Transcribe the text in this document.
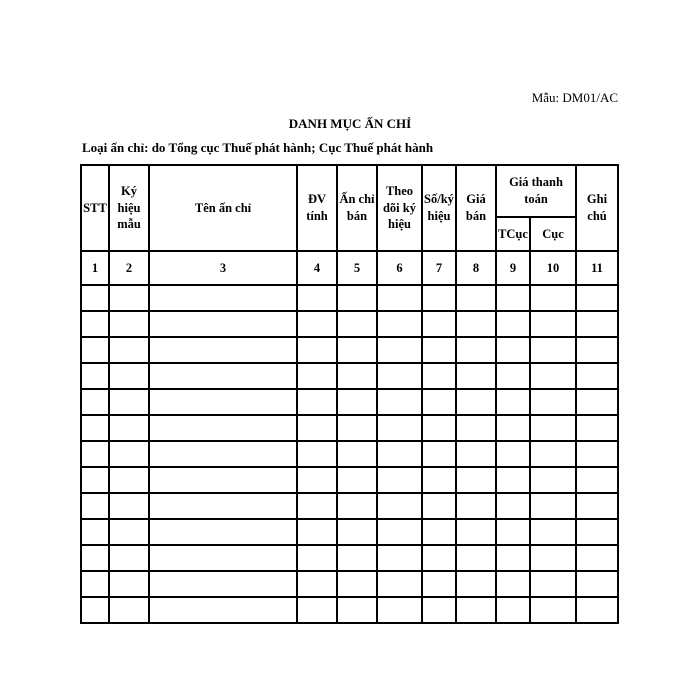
Mẫu: DM01/AC
DANH MỤC ẤN CHỈ
Loại ấn chỉ: do Tổng cục Thuế phát hành; Cục Thuế phát hành
STT	Ký hiệu mẫu	Tên ấn chỉ	ĐV tính	Ấn chỉ bán	Theo dõi ký hiệu	Số/ký hiệu	Giá bán	Giá thanh toán		Ghi chú
								TCục	Cục	
1	2	3	4	5	6	7	8	9	10	11
